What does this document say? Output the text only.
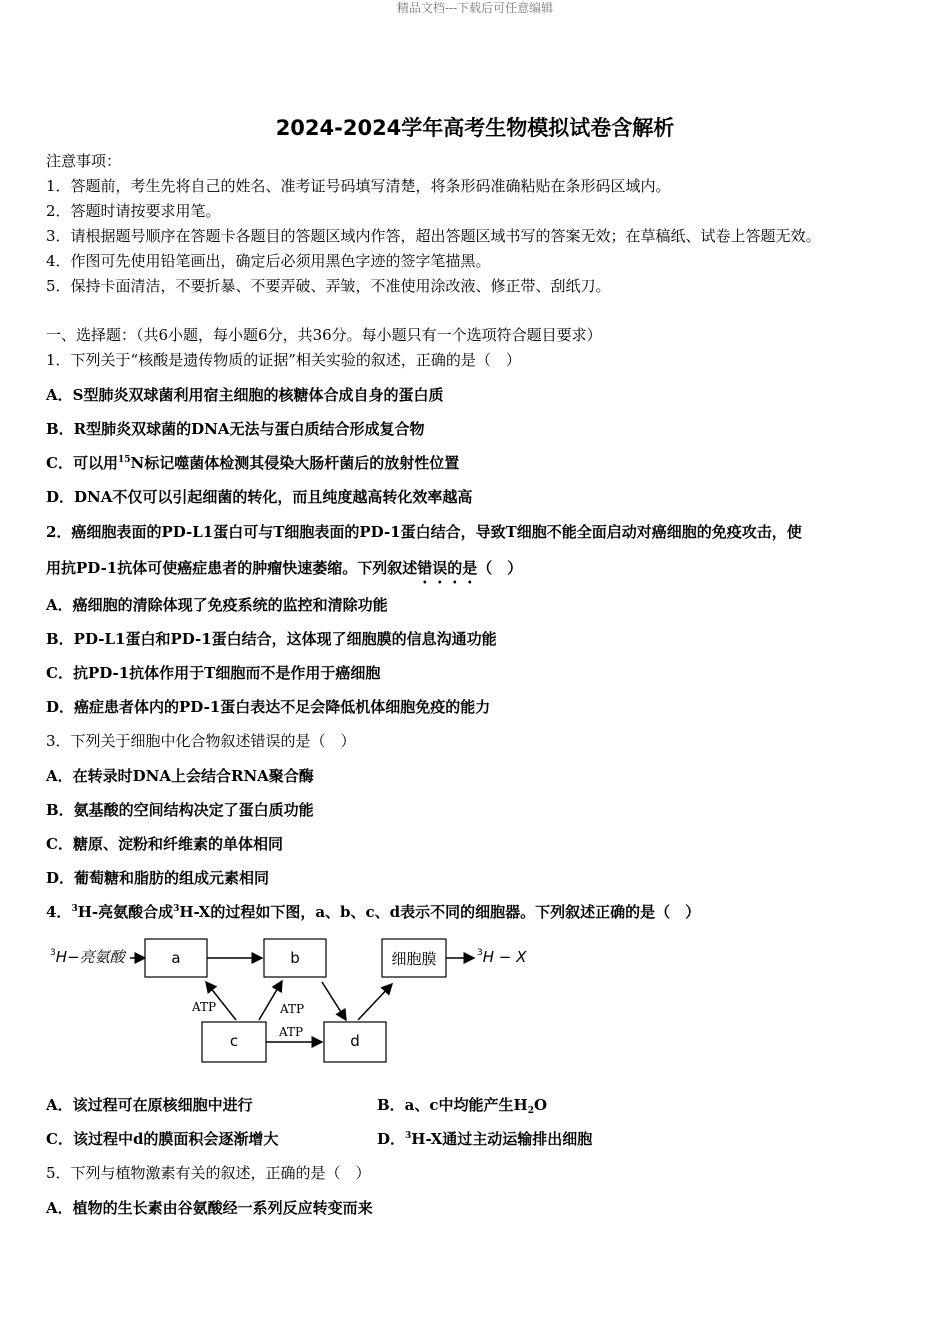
精品文档---下载后可任意编辑
2024-2024学年高考生物模拟试卷含解析
注意事项：
1．答题前，考生先将自己的姓名、准考证号码填写清楚，将条形码准确粘贴在条形码区域内。
2．答题时请按要求用笔。
3．请根据题号顺序在答题卡各题目的答题区域内作答，超出答题区域书写的答案无效；在草稿纸、试卷上答题无效。
4．作图可先使用铅笔画出，确定后必须用黑色字迹的签字笔描黑。
5．保持卡面清洁，不要折暴、不要弄破、弄皱，不准使用涂改液、修正带、刮纸刀。
一、选择题：（共6小题，每小题6分，共36分。每小题只有一个选项符合题目要求）
1．下列关于“核酸是遗传物质的证据”相关实验的叙述，正确的是（　）
A．S型肺炎双球菌利用宿主细胞的核糖体合成自身的蛋白质
B．R型肺炎双球菌的DNA无法与蛋白质结合形成复合物
C．可以用$^{15}$N标记噬菌体检测其侵染大肠杆菌后的放射性位置
D．DNA不仅可以引起细菌的转化，而且纯度越高转化效率越高
2．癌细胞表面的PD-L1蛋白可与T细胞表面的PD-1蛋白结合，导致T细胞不能全面启动对癌细胞的免疫攻击，使
用抗PD-1抗体可使癌症患者的肿瘤快速萎缩。下列叙述错误的是（　）
A．癌细胞的清除体现了免疫系统的监控和清除功能
B．PD-L1蛋白和PD-1蛋白结合，这体现了细胞膜的信息沟通功能
C．抗PD-1抗体作用于T细胞而不是作用于癌细胞
D．癌症患者体内的PD-1蛋白表达不足会降低机体细胞免疫的能力
3．下列关于细胞中化合物叙述错误的是（　）
A．在转录时DNA上会结合RNA聚合酶
B．氨基酸的空间结构决定了蛋白质功能
C．糖原、淀粉和纤维素的单体相同
D．葡萄糖和脂肪的组成元素相同
4．$^3$H-亮氨酸合成$^3$H-X的过程如下图，a、b、c、d表示不同的细胞器。下列叙述正确的是（　）
$^3$H−亮氨酸	a	b	细胞膜	$^3$H − X
c	d
ATP	ATP
ATP
A．该过程可在原核细胞中进行	B．a、c中均能产生$H_2O$
C．该过程中d的膜面积会逐渐增大	D．$^3$H-X通过主动运输排出细胞
5．下列与植物激素有关的叙述，正确的是（　）
A．植物的生长素由谷氨酸经一系列反应转变而来
